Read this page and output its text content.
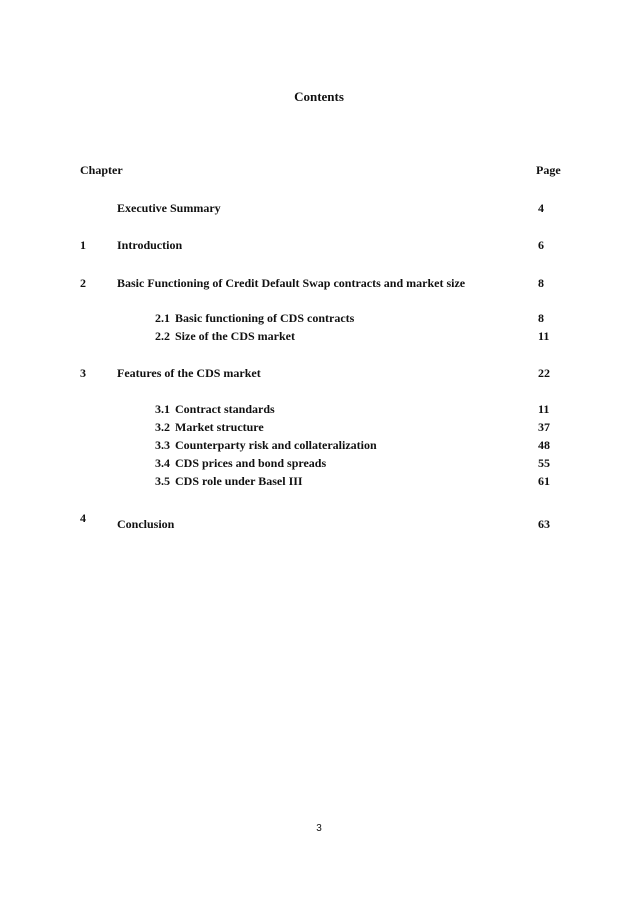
Contents
Chapter	Page
Executive Summary	4
1	Introduction	6
2	Basic Functioning of Credit Default Swap contracts and market size	8
2.1 Basic functioning of CDS contracts	8
2.2 Size of the CDS market	11
3	Features of the CDS market	22
3.1 Contract standards	11
3.2 Market structure	37
3.3 Counterparty risk and collateralization	48
3.4 CDS prices and bond spreads	55
3.5 CDS role under Basel III	61
4	Conclusion	63
3
